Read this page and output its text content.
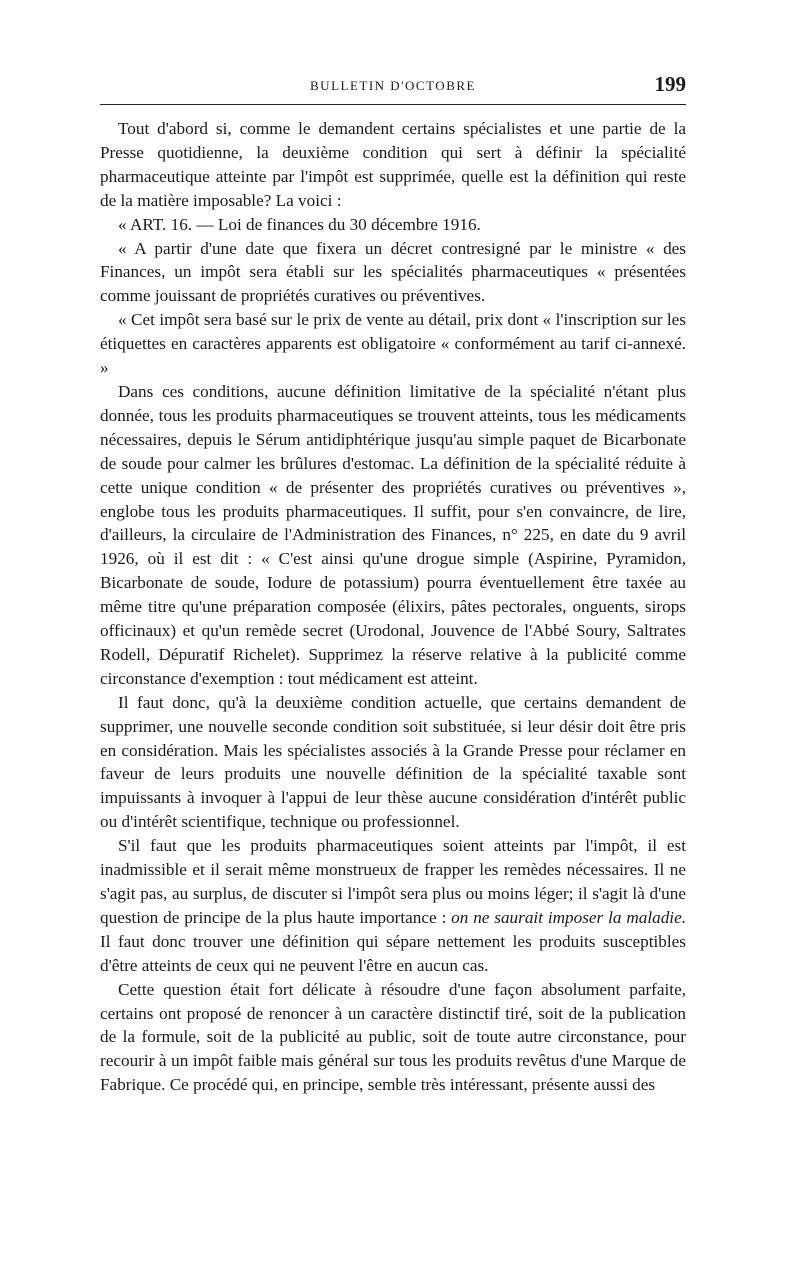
BULLETIN D'OCTOBRE	199

Tout d'abord si, comme le demandent certains spécialistes et une partie de la Presse quotidienne, la deuxième condition qui sert à définir la spécialité pharmaceutique atteinte par l'impôt est supprimée, quelle est la définition qui reste de la matière imposable? La voici :

« ART. 16. — Loi de finances du 30 décembre 1916.

« A partir d'une date que fixera un décret contresigné par le ministre « des Finances, un impôt sera établi sur les spécialités pharmaceutiques « présentées comme jouissant de propriétés curatives ou préventives.

« Cet impôt sera basé sur le prix de vente au détail, prix dont « l'inscription sur les étiquettes en caractères apparents est obligatoire « conformément au tarif ci-annexé. »

Dans ces conditions, aucune définition limitative de la spécialité n'étant plus donnée, tous les produits pharmaceutiques se trouvent atteints, tous les médicaments nécessaires, depuis le Sérum antidiphtérique jusqu'au simple paquet de Bicarbonate de soude pour calmer les brûlures d'estomac. La définition de la spécialité réduite à cette unique condition « de présenter des propriétés curatives ou préventives », englobe tous les produits pharmaceutiques. Il suffit, pour s'en convaincre, de lire, d'ailleurs, la circulaire de l'Administration des Finances, n° 225, en date du 9 avril 1926, où il est dit : « C'est ainsi qu'une drogue simple (Aspirine, Pyramidon, Bicarbonate de soude, Iodure de potassium) pourra éventuellement être taxée au même titre qu'une préparation composée (élixirs, pâtes pectorales, onguents, sirops officinaux) et qu'un remède secret (Urodonal, Jouvence de l'Abbé Soury, Saltrates Rodell, Dépuratif Richelet). Supprimez la réserve relative à la publicité comme circonstance d'exemption : tout médicament est atteint.

Il faut donc, qu'à la deuxième condition actuelle, que certains demandent de supprimer, une nouvelle seconde condition soit substituée, si leur désir doit être pris en considération. Mais les spécialistes associés à la Grande Presse pour réclamer en faveur de leurs produits une nouvelle définition de la spécialité taxable sont impuissants à invoquer à l'appui de leur thèse aucune considération d'intérêt public ou d'intérêt scientifique, technique ou professionnel.

S'il faut que les produits pharmaceutiques soient atteints par l'impôt, il est inadmissible et il serait même monstrueux de frapper les remèdes nécessaires. Il ne s'agit pas, au surplus, de discuter si l'impôt sera plus ou moins léger; il s'agit là d'une question de principe de la plus haute importance : on ne saurait imposer la maladie. Il faut donc trouver une définition qui sépare nettement les produits susceptibles d'être atteints de ceux qui ne peuvent l'être en aucun cas.

Cette question était fort délicate à résoudre d'une façon absolument parfaite, certains ont proposé de renoncer à un caractère distinctif tiré, soit de la publication de la formule, soit de la publicité au public, soit de toute autre circonstance, pour recourir à un impôt faible mais général sur tous les produits revêtus d'une Marque de Fabrique. Ce procédé qui, en principe, semble très intéressant, présente aussi des
